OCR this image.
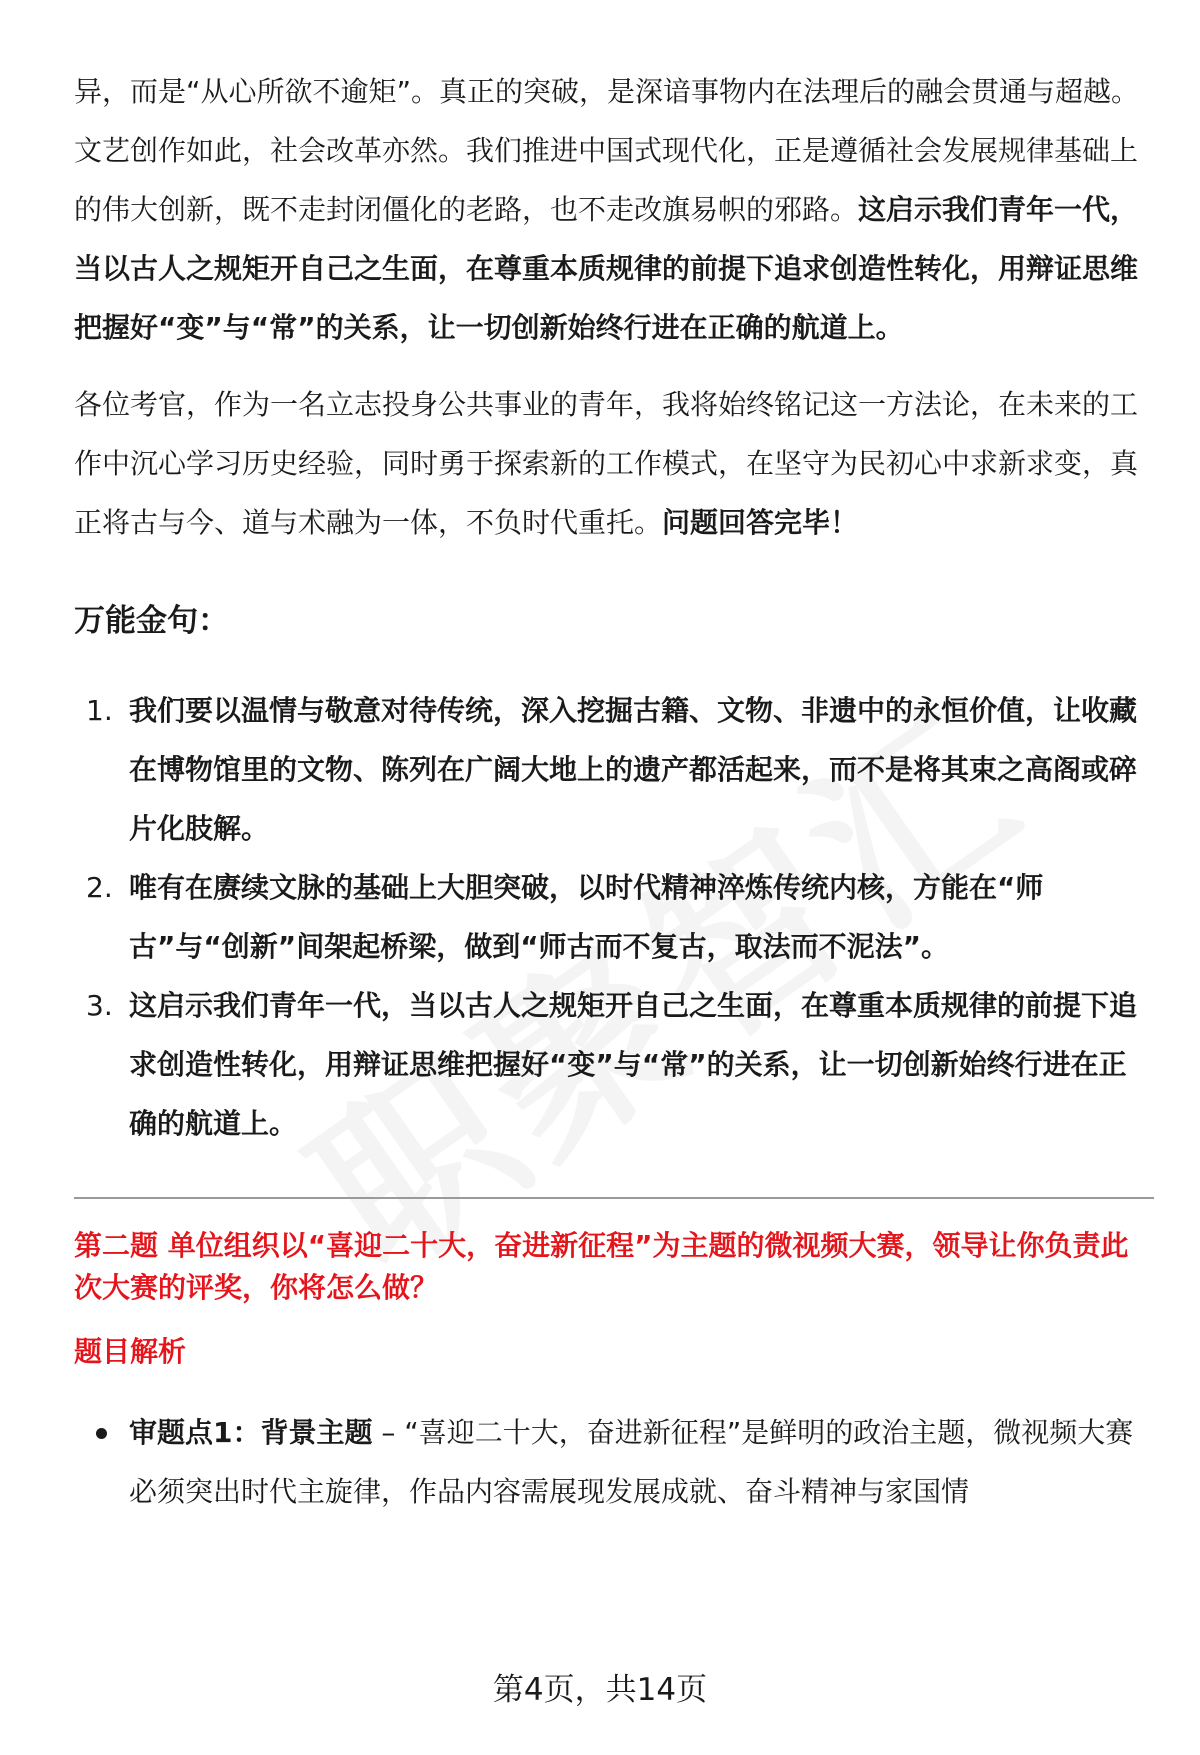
异，而是“从心所欲不逾矩”。真正的突破，是深谙事物内在法理后的融会贯通与超越。文艺创作如此，社会改革亦然。我们推进中国式现代化，正是遵循社会发展规律基础上的伟大创新，既不走封闭僵化的老路，也不走改旗易帜的邪路。这启示我们青年一代，当以古人之规矩开自己之生面，在尊重本质规律的前提下追求创造性转化，用辩证思维把握好“变”与“常”的关系，让一切创新始终行进在正确的航道上。

各位考官，作为一名立志投身公共事业的青年，我将始终铭记这一方法论，在未来的工作中沉心学习历史经验，同时勇于探索新的工作模式，在坚守为民初心中求新求变，真正将古与今、道与术融为一体，不负时代重托。问题回答完毕！

万能金句：
1. 我们要以温情与敬意对待传统，深入挖掘古籍、文物、非遗中的永恒价值，让收藏在博物馆里的文物、陈列在广阔大地上的遗产都活起来，而不是将其束之高阁或碎片化肢解。
2. 唯有在赓续文脉的基础上大胆突破，以时代精神淬炼传统内核，方能在“师古”与“创新”间架起桥梁，做到“师古而不复古，取法而不泥法”。
3. 这启示我们青年一代，当以古人之规矩开自己之生面，在尊重本质规律的前提下追求创造性转化，用辩证思维把握好“变”与“常”的关系，让一切创新始终行进在正确的航道上。

第二题 单位组织以“喜迎二十大，奋进新征程”为主题的微视频大赛，领导让你负责此次大赛的评奖，你将怎么做？

题目解析

审题点1：背景主题 – “喜迎二十大，奋进新征程”是鲜明的政治主题，微视频大赛必须突出时代主旋律，作品内容需展现发展成就、奋斗精神与家国情
第4页，共14页
